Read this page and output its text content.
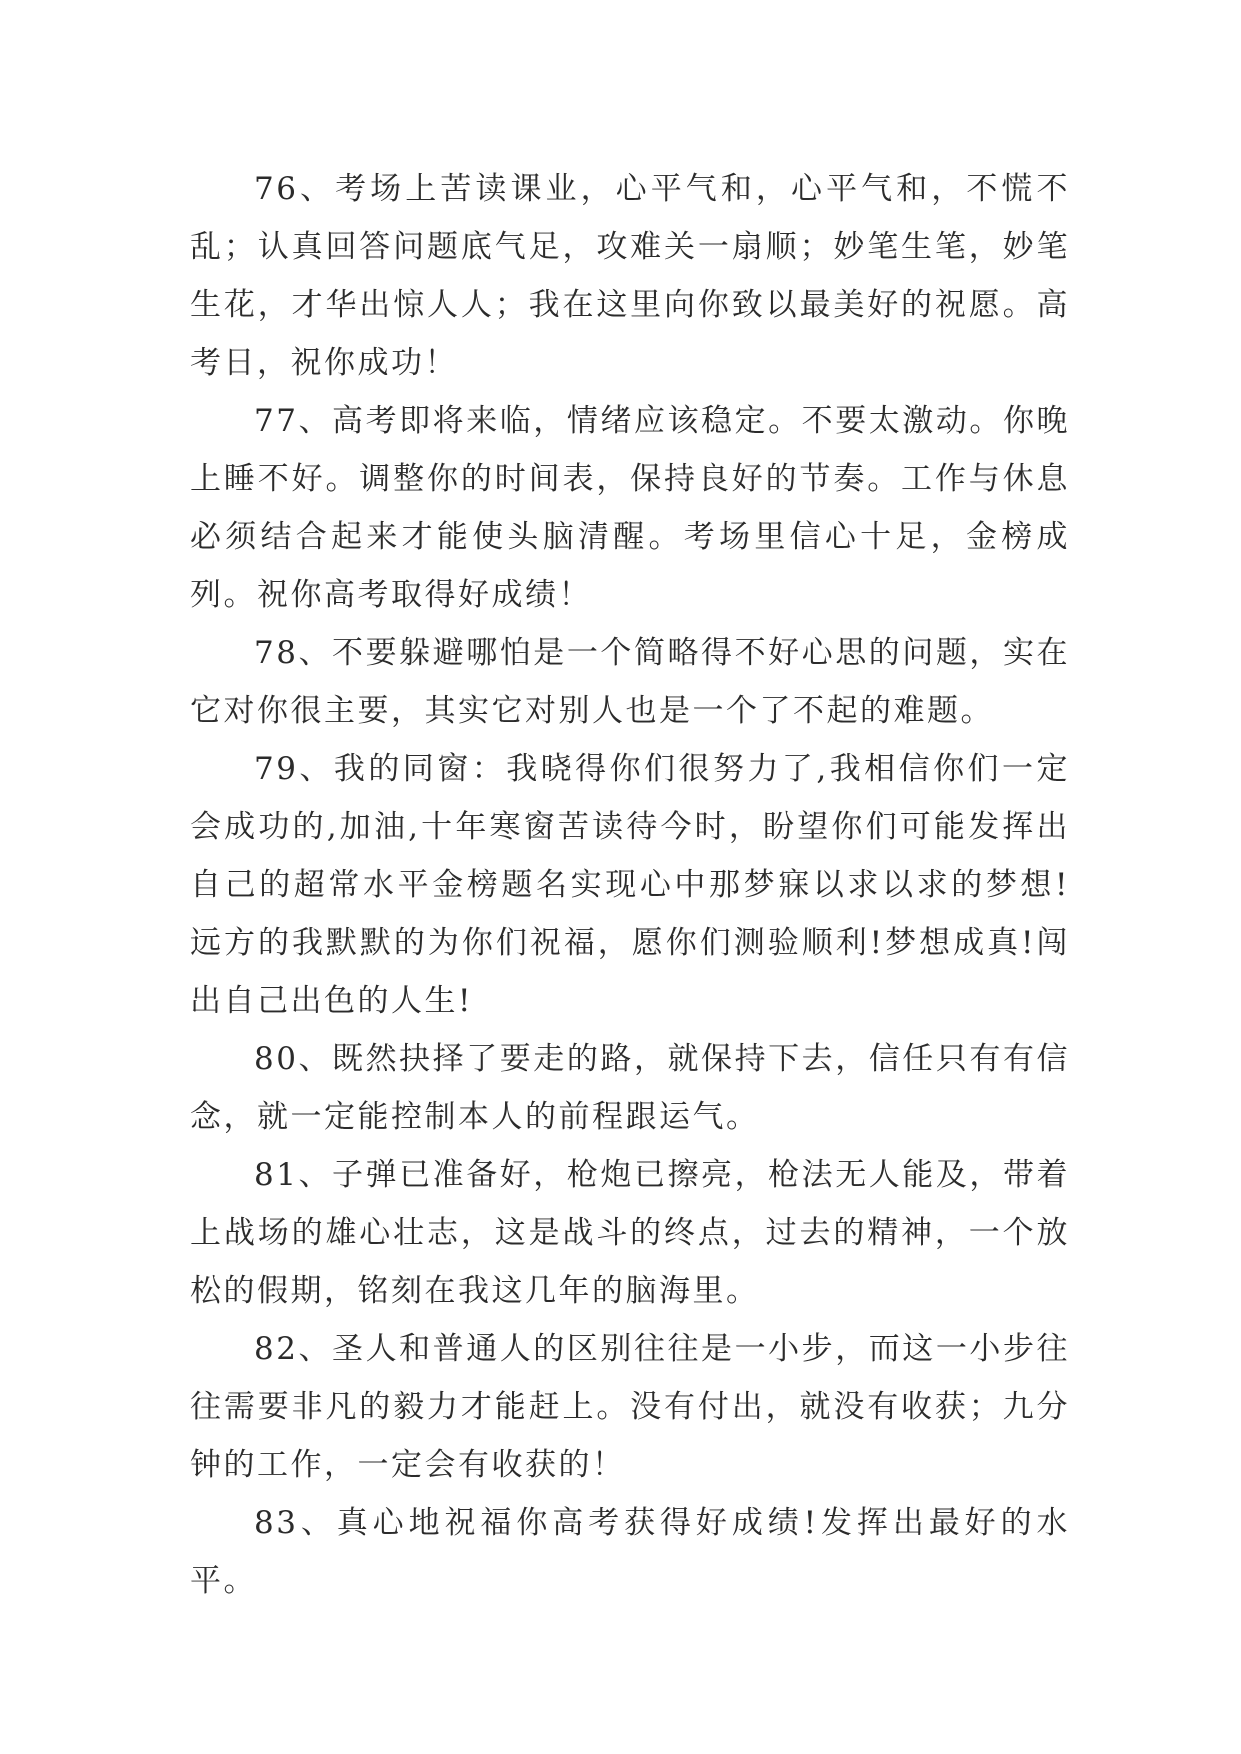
76、考场上苦读课业，心平气和，心平气和，不慌不乱；认真回答问题底气足，攻难关一扇顺；妙笔生笔，妙笔生花，才华出惊人人；我在这里向你致以最美好的祝愿。高考日，祝你成功！

77、高考即将来临，情绪应该稳定。不要太激动。你晚上睡不好。调整你的时间表，保持良好的节奏。工作与休息必须结合起来才能使头脑清醒。考场里信心十足，金榜成列。祝你高考取得好成绩！

78、不要躲避哪怕是一个简略得不好心思的问题，实在它对你很主要，其实它对别人也是一个了不起的难题。

79、我的同窗：我晓得你们很努力了,我相信你们一定会成功的,加油,十年寒窗苦读待今时，盼望你们可能发挥出自己的超常水平金榜题名实现心中那梦寐以求以求的梦想!远方的我默默的为你们祝福，愿你们测验顺利!梦想成真!闯出自己出色的人生!

80、既然抉择了要走的路，就保持下去，信任只有有信念，就一定能控制本人的前程跟运气。

81、子弹已准备好，枪炮已擦亮，枪法无人能及，带着上战场的雄心壮志，这是战斗的终点，过去的精神，一个放松的假期，铭刻在我这几年的脑海里。

82、圣人和普通人的区别往往是一小步，而这一小步往往需要非凡的毅力才能赶上。没有付出，就没有收获；九分钟的工作，一定会有收获的！

83、真心地祝福你高考获得好成绩!发挥出最好的水平。
